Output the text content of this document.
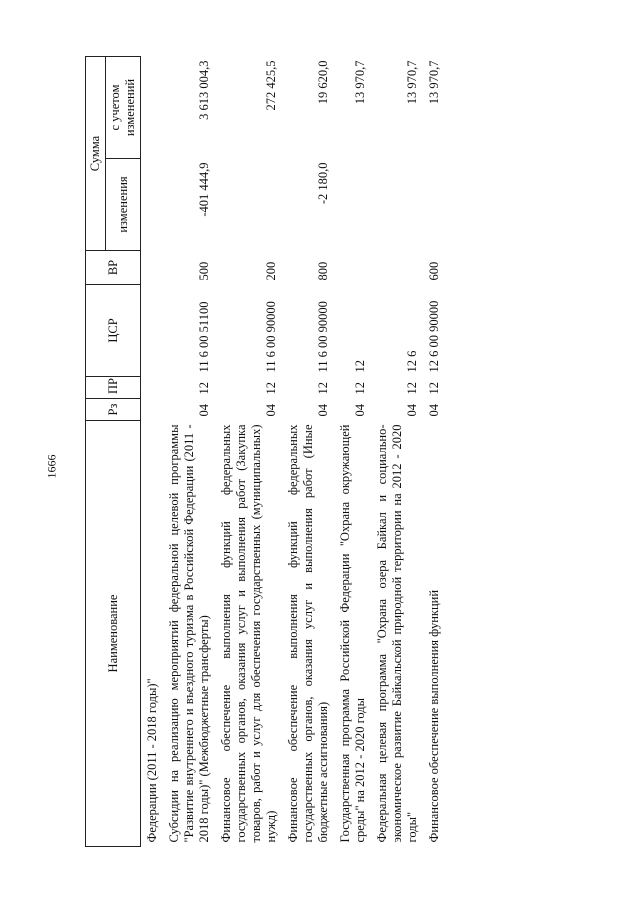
1666
Наименование	Рз	ПР	ЦСР	ВР	Сумма	
					изменения	с учетом изменений
Федерации (2011 - 2018 годы)"						
Субсидии на реализацию мероприятий федеральной целевой программы "Развитие внутреннего и въездного туризма в Российской Федерации (2011 - 2018 годы)" (Межбюджетные трансферты)	04	12	11 6 00 51100	500	-401 444,9	3 613 004,3
Финансовое обеспечение выполнения функций федеральных государственных органов, оказания услуг и выполнения работ (Закупка товаров, работ и услуг для обеспечения государственных (муниципальных) нужд)	04	12	11 6 00 90000	200		272 425,5
Финансовое обеспечение выполнения функций федеральных государственных органов, оказания услуг и выполнения работ (Иные бюджетные ассигнования)	04	12	11 6 00 90000	800	-2 180,0	19 620,0
Государственная программа Российской Федерации "Охрана окружающей среды" на 2012 - 2020 годы	04	12	12			13 970,7
Федеральная целевая программа "Охрана озера Байкал и социально-экономическое развитие Байкальской природной территории на 2012 - 2020 годы"	04	12	12 6			13 970,7
Финансовое обеспечение выполнения функций	04	12	12 6 00 90000	600		13 970,7
